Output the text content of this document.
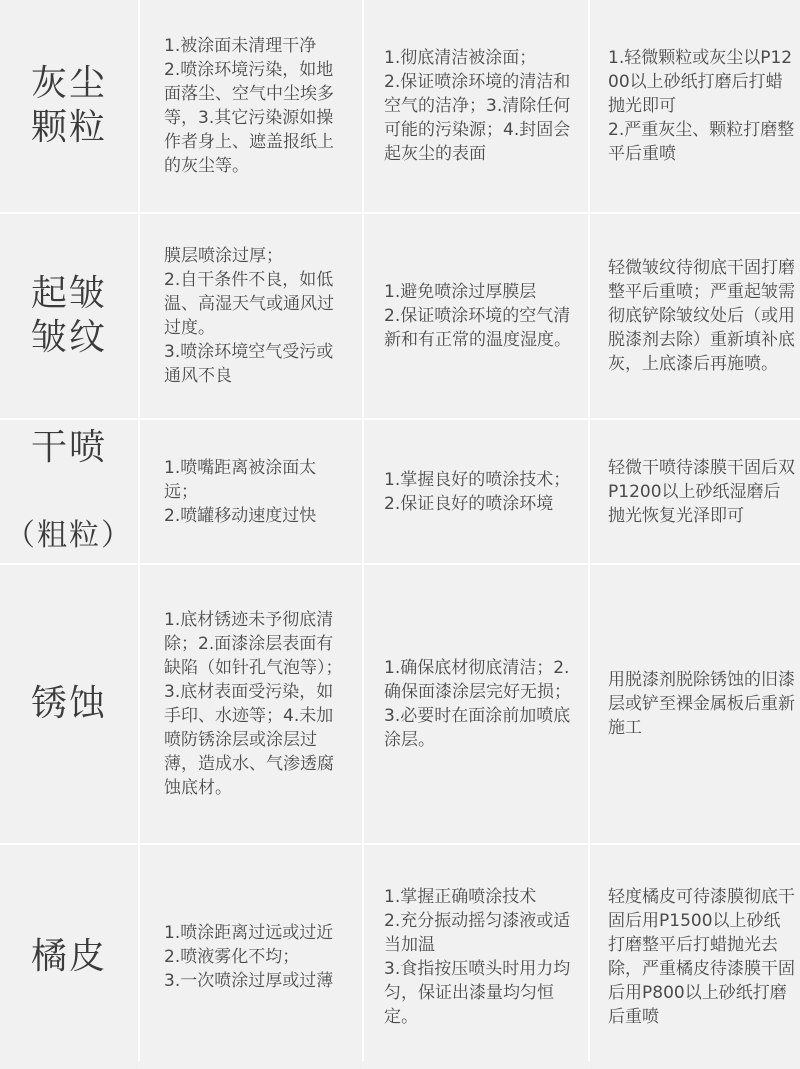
灰尘
颗粒
1.被涂面未清理干净
2.喷涂环境污染，如地面落尘、空气中尘埃多等，3.其它污染源如操作者身上、遮盖报纸上的灰尘等。
1.彻底清洁被涂面；
2.保证喷涂环境的清洁和空气的洁净；3.清除任何可能的污染源；4.封固会起灰尘的表面
1.轻微颗粒或灰尘以P1200以上砂纸打磨后打蜡抛光即可
2.严重灰尘、颗粒打磨整平后重喷
起皱
皱纹
膜层喷涂过厚；
2.自干条件不良，如低温、高湿天气或通风过过度。
3.喷涂环境空气受污或通风不良
1.避免喷涂过厚膜层
2.保证喷涂环境的空气清新和有正常的温度湿度。
轻微皱纹待彻底干固打磨整平后重喷；严重起皱需彻底铲除皱纹处后（或用脱漆剂去除）重新填补底灰，上底漆后再施喷。

干喷

（粗粒）

1.喷嘴距离被涂面太远；
2.喷罐移动速度过快
1.掌握良好的喷涂技术；
2.保证良好的喷涂环境
轻微干喷待漆膜干固后双P1200以上砂纸湿磨后抛光恢复光泽即可
锈蚀
1.底材锈迹未予彻底清除；2.面漆涂层表面有缺陷（如针孔气泡等）；3.底材表面受污染，如手印、水迹等；4.未加喷防锈涂层或涂层过薄，造成水、气渗透腐蚀底材。
1.确保底材彻底清洁；2.确保面漆涂层完好无损；
3.必要时在面涂前加喷底涂层。
用脱漆剂脱除锈蚀的旧漆层或铲至裸金属板后重新施工
橘皮
1.喷涂距离过远或过近
2.喷液雾化不均；
3.一次喷涂过厚或过薄
1.掌握正确喷涂技术
2.充分振动摇匀漆液或适当加温
3.食指按压喷头时用力均匀，保证出漆量均匀恒定。
轻度橘皮可待漆膜彻底干固后用P1500以上砂纸打磨整平后打蜡抛光去除，严重橘皮待漆膜干固后用P800以上砂纸打磨后重喷
